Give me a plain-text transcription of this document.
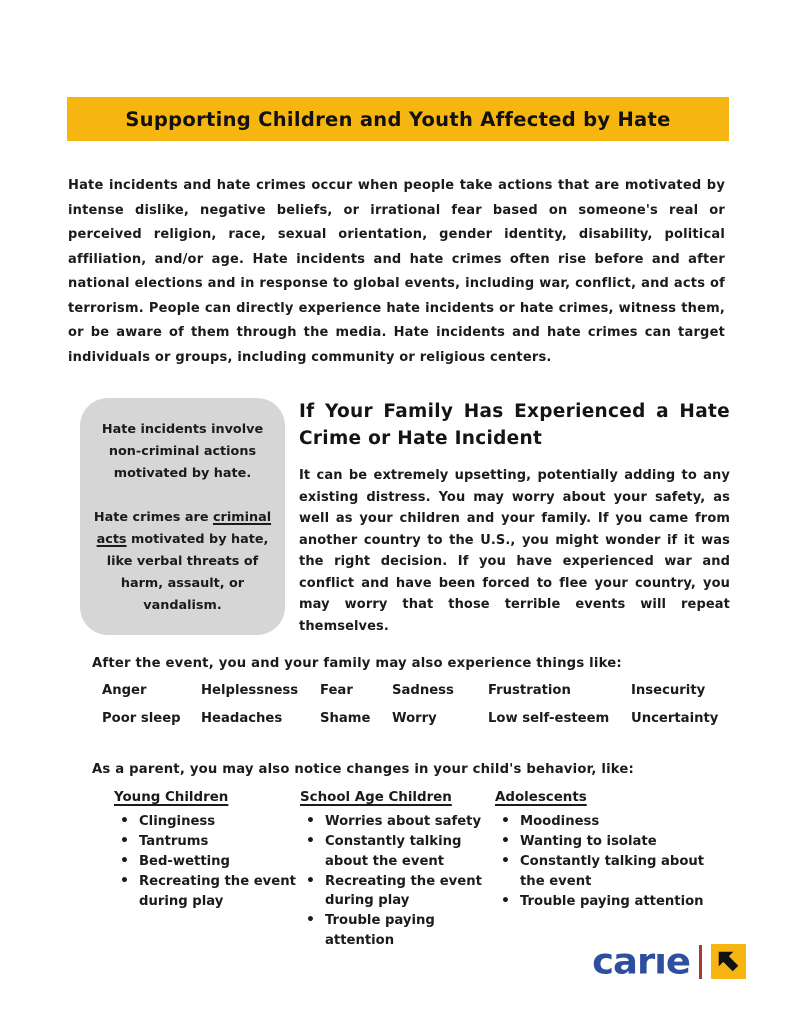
Supporting Children and Youth Affected by Hate

Hate incidents and hate crimes occur when people take actions that are motivated by intense dislike, negative beliefs, or irrational fear based on someone's real or perceived religion, race, sexual orientation, gender identity, disability, political affiliation, and/or age. Hate incidents and hate crimes often rise before and after national elections and in response to global events, including war, conflict, and acts of terrorism. People can directly experience hate incidents or hate crimes, witness them, or be aware of them through the media. Hate incidents and hate crimes can target individuals or groups, including community or religious centers.

Hate incidents involve non-criminal actions motivated by hate.

Hate crimes are criminal acts motivated by hate, like verbal threats of harm, assault, or vandalism.

If Your Family Has Experienced a Hate Crime or Hate Incident

It can be extremely upsetting, potentially adding to any existing distress. You may worry about your safety, as well as your children and your family. If you came from another country to the U.S., you might wonder if it was the right decision. If you have experienced war and conflict and have been forced to flee your country, you may worry that those terrible events will repeat themselves.

After the event, you and your family may also experience things like:

Anger	Helplessness	Fear	Sadness	Frustration	Insecurity
Poor sleep	Headaches	Shame	Worry	Low self-esteem	Uncertainty

As a parent, you may also notice changes in your child's behavior, like:

Young Children
• Clinginess
• Tantrums
• Bed-wetting
• Recreating the event during play
School Age Children
• Worries about safety
• Constantly talking about the event
• Recreating the event during play
• Trouble paying attention
Adolescents
• Moodiness
• Wanting to isolate
• Constantly talking about the event
• Trouble paying attention
carıe
